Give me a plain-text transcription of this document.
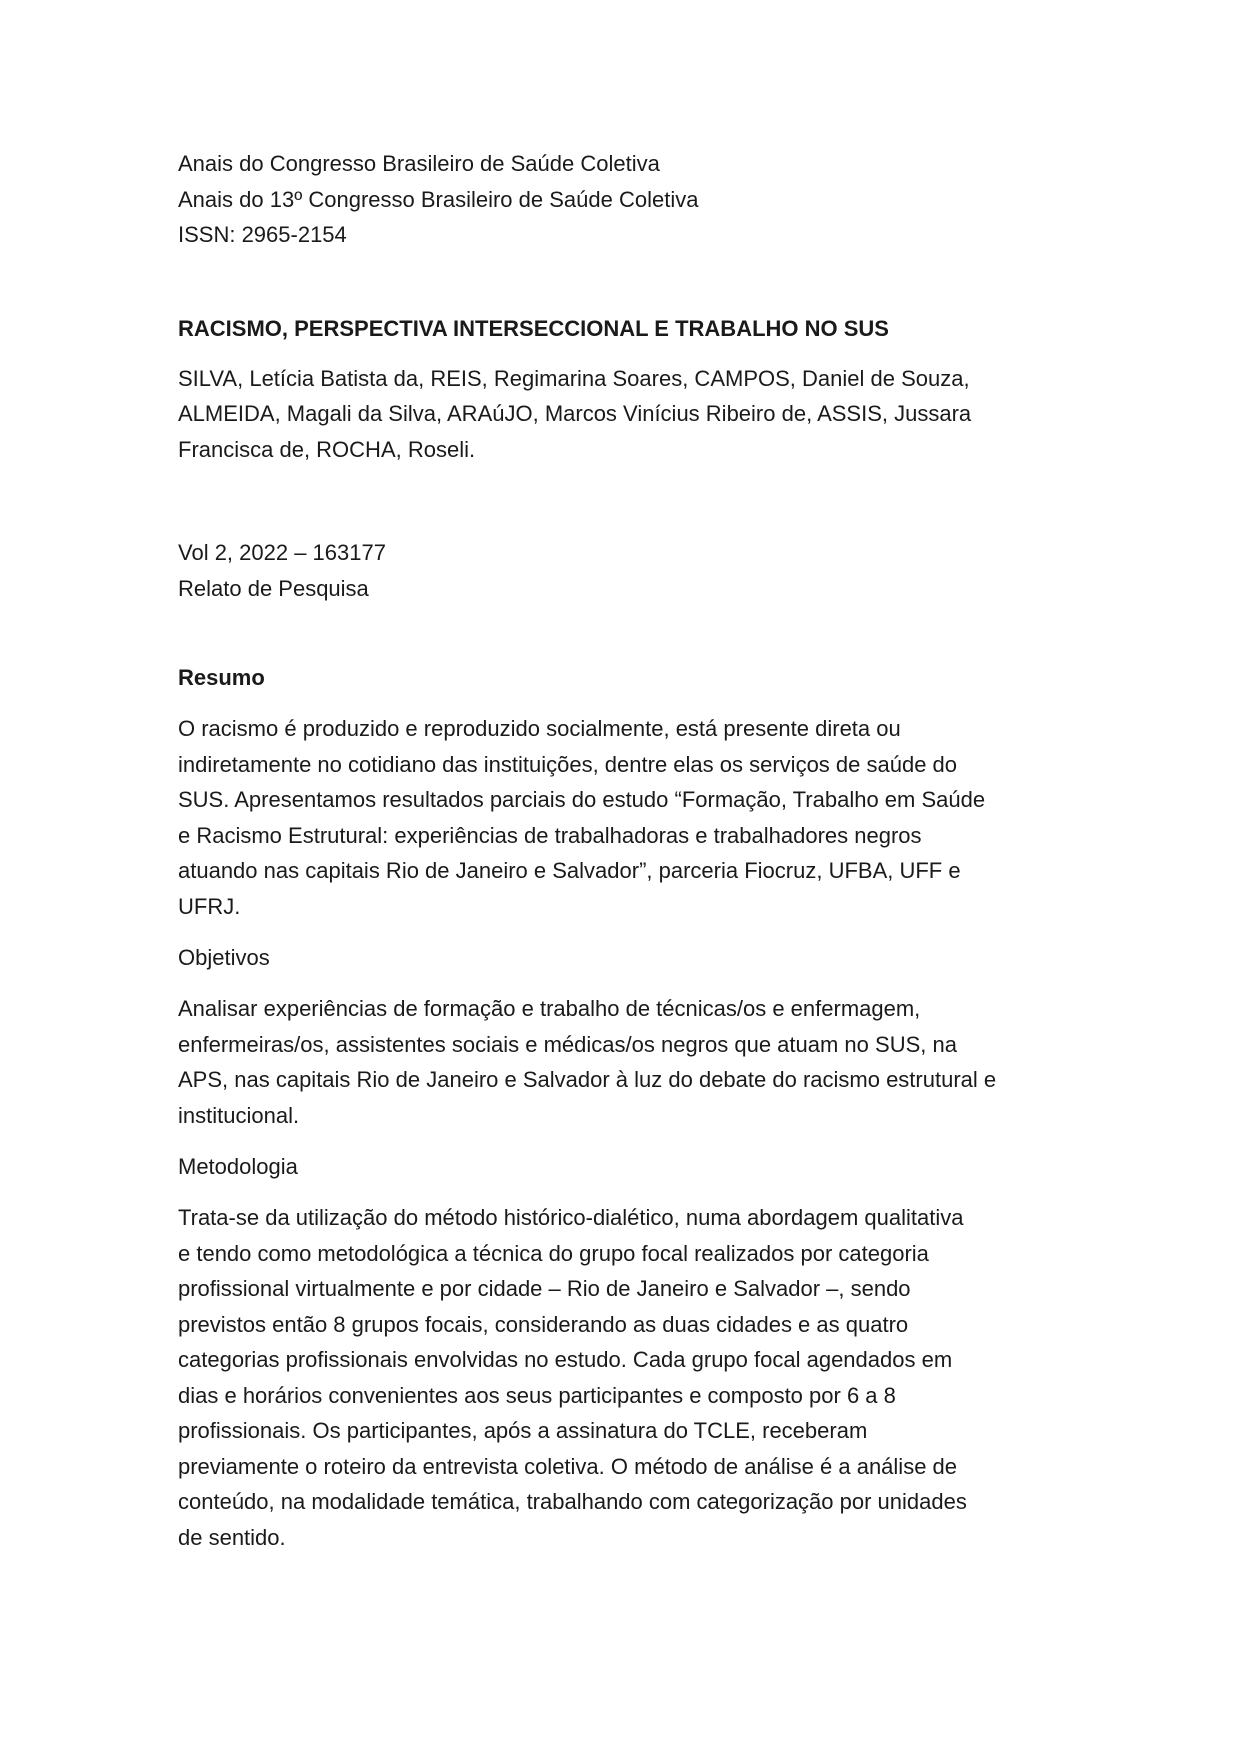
Anais do Congresso Brasileiro de Saúde Coletiva

Anais do 13º Congresso Brasileiro de Saúde Coletiva

ISSN: 2965-2154

RACISMO, PERSPECTIVA INTERSECCIONAL E TRABALHO NO SUS

SILVA, Letícia Batista da, REIS, Regimarina Soares, CAMPOS, Daniel de Souza,
ALMEIDA, Magali da Silva, ARAúJO, Marcos Vinícius Ribeiro de, ASSIS, Jussara
Francisca de, ROCHA, Roseli.

Vol 2, 2022 – 163177

Relato de Pesquisa

Resumo

O racismo é produzido e reproduzido socialmente, está presente direta ou
indiretamente no cotidiano das instituições, dentre elas os serviços de saúde do
SUS. Apresentamos resultados parciais do estudo “Formação, Trabalho em Saúde
e Racismo Estrutural: experiências de trabalhadoras e trabalhadores negros
atuando nas capitais Rio de Janeiro e Salvador”, parceria Fiocruz, UFBA, UFF e
UFRJ.

Objetivos

Analisar experiências de formação e trabalho de técnicas/os e enfermagem,
enfermeiras/os, assistentes sociais e médicas/os negros que atuam no SUS, na
APS, nas capitais Rio de Janeiro e Salvador à luz do debate do racismo estrutural e
institucional.

Metodologia

Trata-se da utilização do método histórico-dialético, numa abordagem qualitativa
e tendo como metodológica a técnica do grupo focal realizados por categoria
profissional virtualmente e por cidade – Rio de Janeiro e Salvador –, sendo
previstos então 8 grupos focais, considerando as duas cidades e as quatro
categorias profissionais envolvidas no estudo. Cada grupo focal agendados em
dias e horários convenientes aos seus participantes e composto por 6 a 8
profissionais. Os participantes, após a assinatura do TCLE, receberam
previamente o roteiro da entrevista coletiva. O método de análise é a análise de
conteúdo, na modalidade temática, trabalhando com categorização por unidades
de sentido.
